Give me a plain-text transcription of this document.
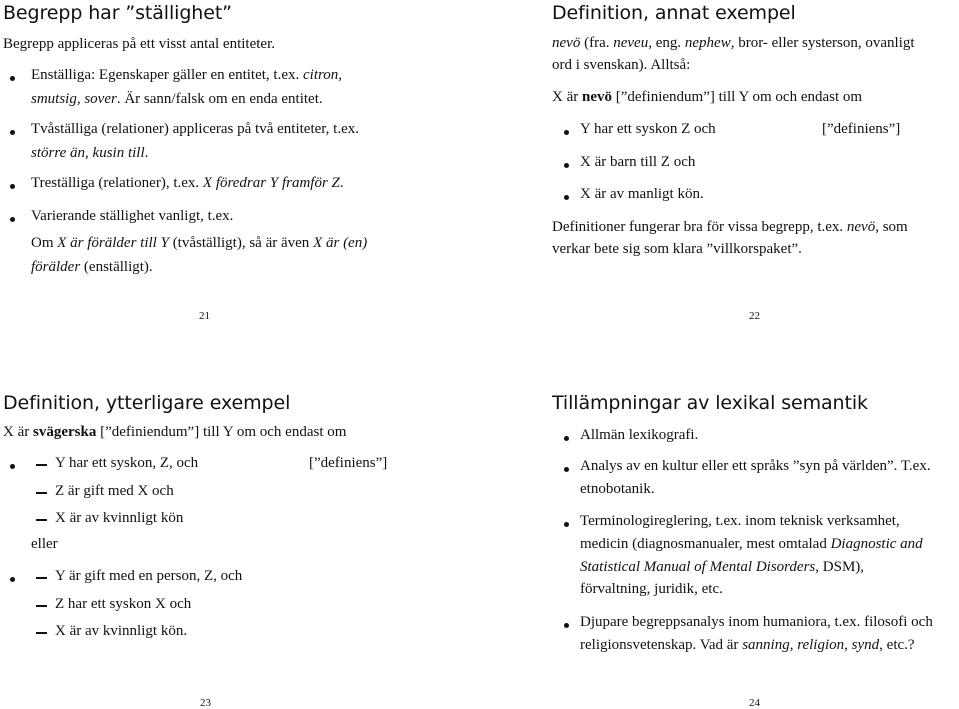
Begrepp har ”ställighet”
Begrepp appliceras på ett visst antal entiteter.
Enställiga: Egenskaper gäller en entitet, t.ex. citron,
smutsig, sover. Är sann/falsk om en enda entitet.
Tvåställiga (relationer) appliceras på två entiteter, t.ex.
större än, kusin till.
Treställiga (relationer), t.ex. X föredrar Y framför Z.
Varierande ställighet vanligt, t.ex.
Om X är förälder till Y (tvåställigt), så är även X är (en)
förälder (enställigt).
21
Definition, annat exempel
nevö (fra. neveu, eng. nephew, bror- eller systerson, ovanligt
ord i svenskan). Alltså:
X är nevö [”definiendum”] till Y om och endast om
Y har ett syskon Z och	[”definiens”]
X är barn till Z och
X är av manligt kön.
Definitioner fungerar bra för vissa begrepp, t.ex. nevö, som
verkar bete sig som klara ”villkorspaket”.
22
Definition, ytterligare exempel
X är svägerska [”definiendum”] till Y om och endast om
Y har ett syskon, Z, och	[”definiens”]
Z är gift med X och
X är av kvinnligt kön
eller
Y är gift med en person, Z, och
Z har ett syskon X och
X är av kvinnligt kön.
23
Tillämpningar av lexikal semantik
Allmän lexikografi.
Analys av en kultur eller ett språks ”syn på världen”. T.ex.
etnobotanik.
Terminologireglering, t.ex. inom teknisk verksamhet,
medicin (diagnosmanualer, mest omtalad Diagnostic and
Statistical Manual of Mental Disorders, DSM),
förvaltning, juridik, etc.
Djupare begreppsanalys inom humaniora, t.ex. filosofi och
religionsvetenskap. Vad är sanning, religion, synd, etc.?
24
